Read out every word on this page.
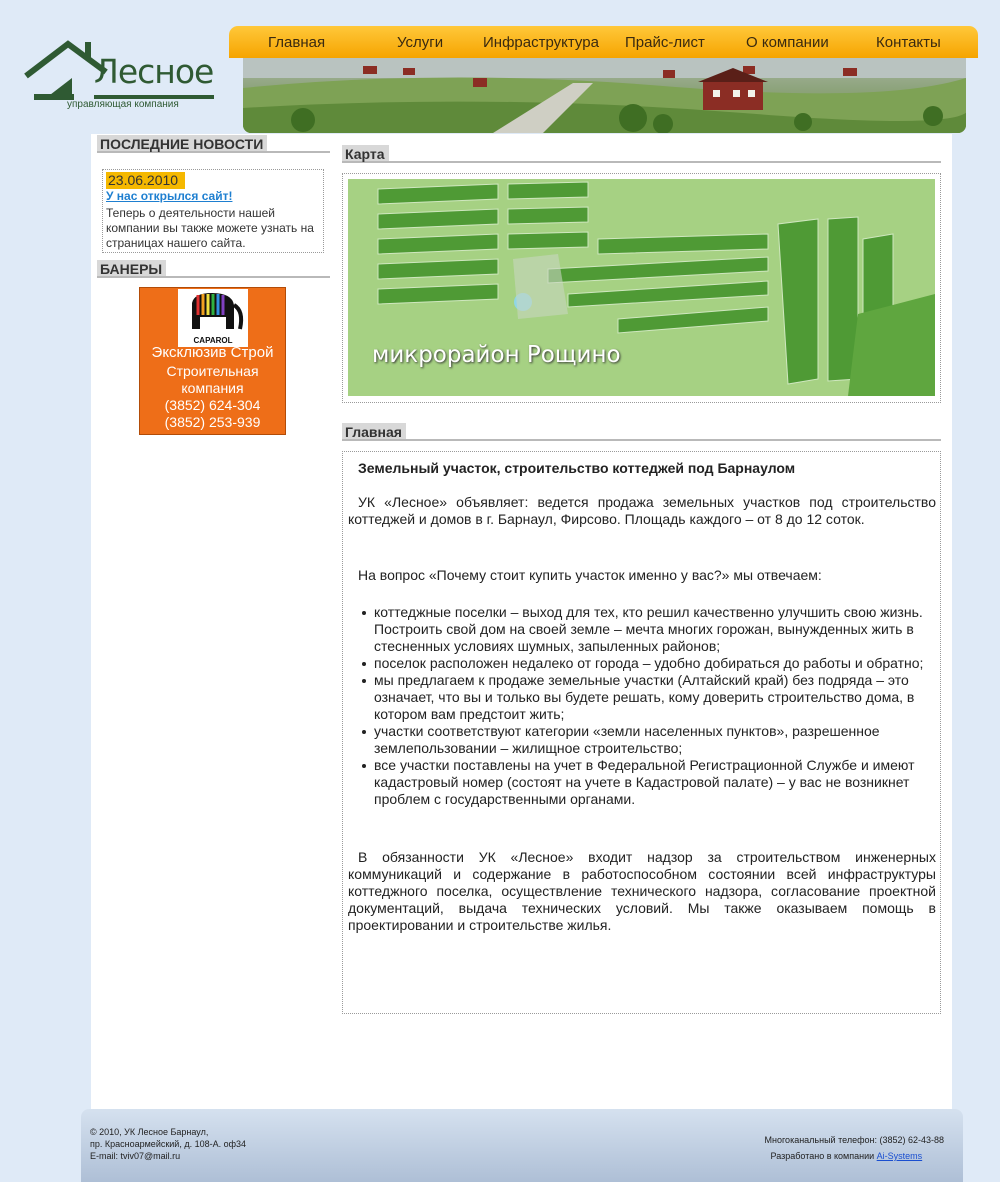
Лесное
управляющая компания
Главная	Услуги	Инфраструктура Прайс-лист	О компании	Контакты
ПОСЛЕДНИЕ НОВОСТИ
23.06.2010
У нас открылся сайт!
Теперь о деятельности нашей компании вы также можете узнать на страницах нашего сайта.
БАНЕРЫ
CAPAROL
Эксклюзив Строй
Строительная
компания
(3852) 624-304
(3852) 253-939
Карта
микрорайон Рощино
Главная
Земельный участок, строительство коттеджей под Барнаулом

УК «Лесное» объявляет: ведется продажа земельных участков под строительство коттеджей и домов в г. Барнаул, Фирсово. Площадь каждого – от 8 до 12 соток.

На вопрос «Почему стоит купить участок именно у вас?» мы отвечаем:

коттеджные поселки – выход для тех, кто решил качественно улучшить свою жизнь. Построить свой дом на своей земле – мечта многих горожан, вынужденных жить в стесненных условиях шумных, запыленных районов;
поселок расположен недалеко от города – удобно добираться до работы и обратно;
мы предлагаем к продаже земельные участки (Алтайский край) без подряда – это означает, что вы и только вы будете решать, кому доверить строительство дома, в котором вам предстоит жить;
участки соответствуют категории «земли населенных пунктов», разрешенное землепользовании – жилищное строительство;
все участки поставлены на учет в Федеральной Регистрационной Службе и имеют кадастровый номер (состоят на учете в Кадастровой палате) – у вас не возникнет проблем с государственными органами.

В обязанности УК «Лесное» входит надзор за строительством инженерных коммуникаций и содержание в работоспособном состоянии всей инфраструктуры коттеджного поселка, осуществление технического надзора, согласование проектной документаций, выдача технических условий. Мы также оказываем помощь в проектировании и строительстве жилья.

© 2010, УК Лесное Барнаул,
пр. Красноармейский, д. 108-А. оф34
E-mail: tviv07@mail.ru
Многоканальный телефон: (3852) 62-43-88
Разработано в компании Ai-Systems
